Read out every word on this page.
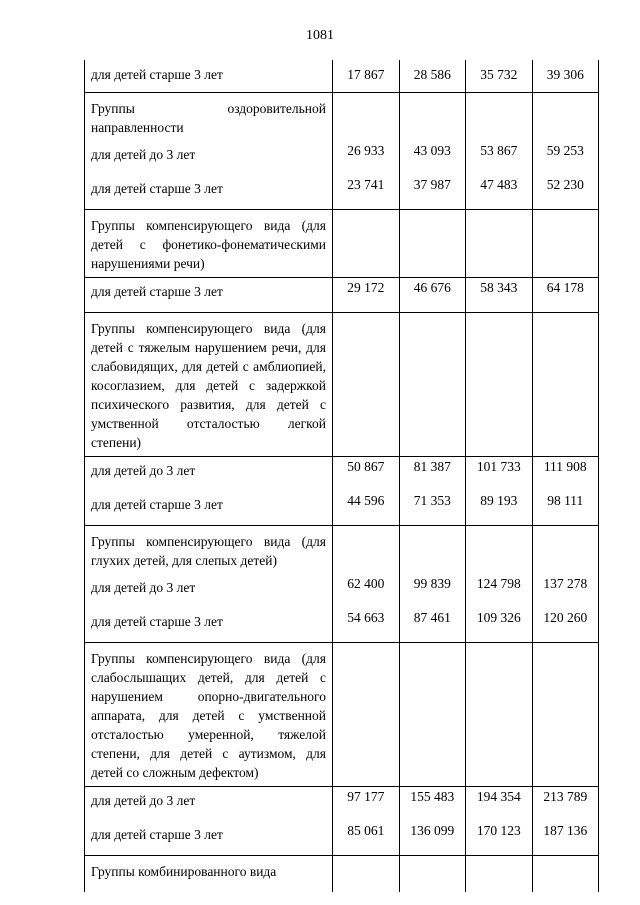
1081
для детей старше 3 лет	17 867	28 586	35 732	39 306
Группы оздоровительной направленности				
для детей до 3 лет	26 933	43 093	53 867	59 253
для детей старше 3 лет	23 741	37 987	47 483	52 230
Группы компенсирующего вида (для детей с фонетико-фонематическими нарушениями речи)				
для детей старше 3 лет	29 172	46 676	58 343	64 178
Группы компенсирующего вида (для детей с тяжелым нарушением речи, для слабовидящих, для детей с амблиопией, косоглазием, для детей с задержкой психического развития, для детей с умственной отсталостью легкой степени)				
для детей до 3 лет	50 867	81 387	101 733	111 908
для детей старше 3 лет	44 596	71 353	89 193	98 111
Группы компенсирующего вида (для глухих детей, для слепых детей)				
для детей до 3 лет	62 400	99 839	124 798	137 278
для детей старше 3 лет	54 663	87 461	109 326	120 260
Группы компенсирующего вида (для слабослышащих детей, для детей с нарушением опорно-двигательного аппарата, для детей с умственной отсталостью умеренной, тяжелой степени, для детей с аутизмом, для детей со сложным дефектом)				
для детей до 3 лет	97 177	155 483	194 354	213 789
для детей старше 3 лет	85 061	136 099	170 123	187 136
Группы комбинированного вида				
